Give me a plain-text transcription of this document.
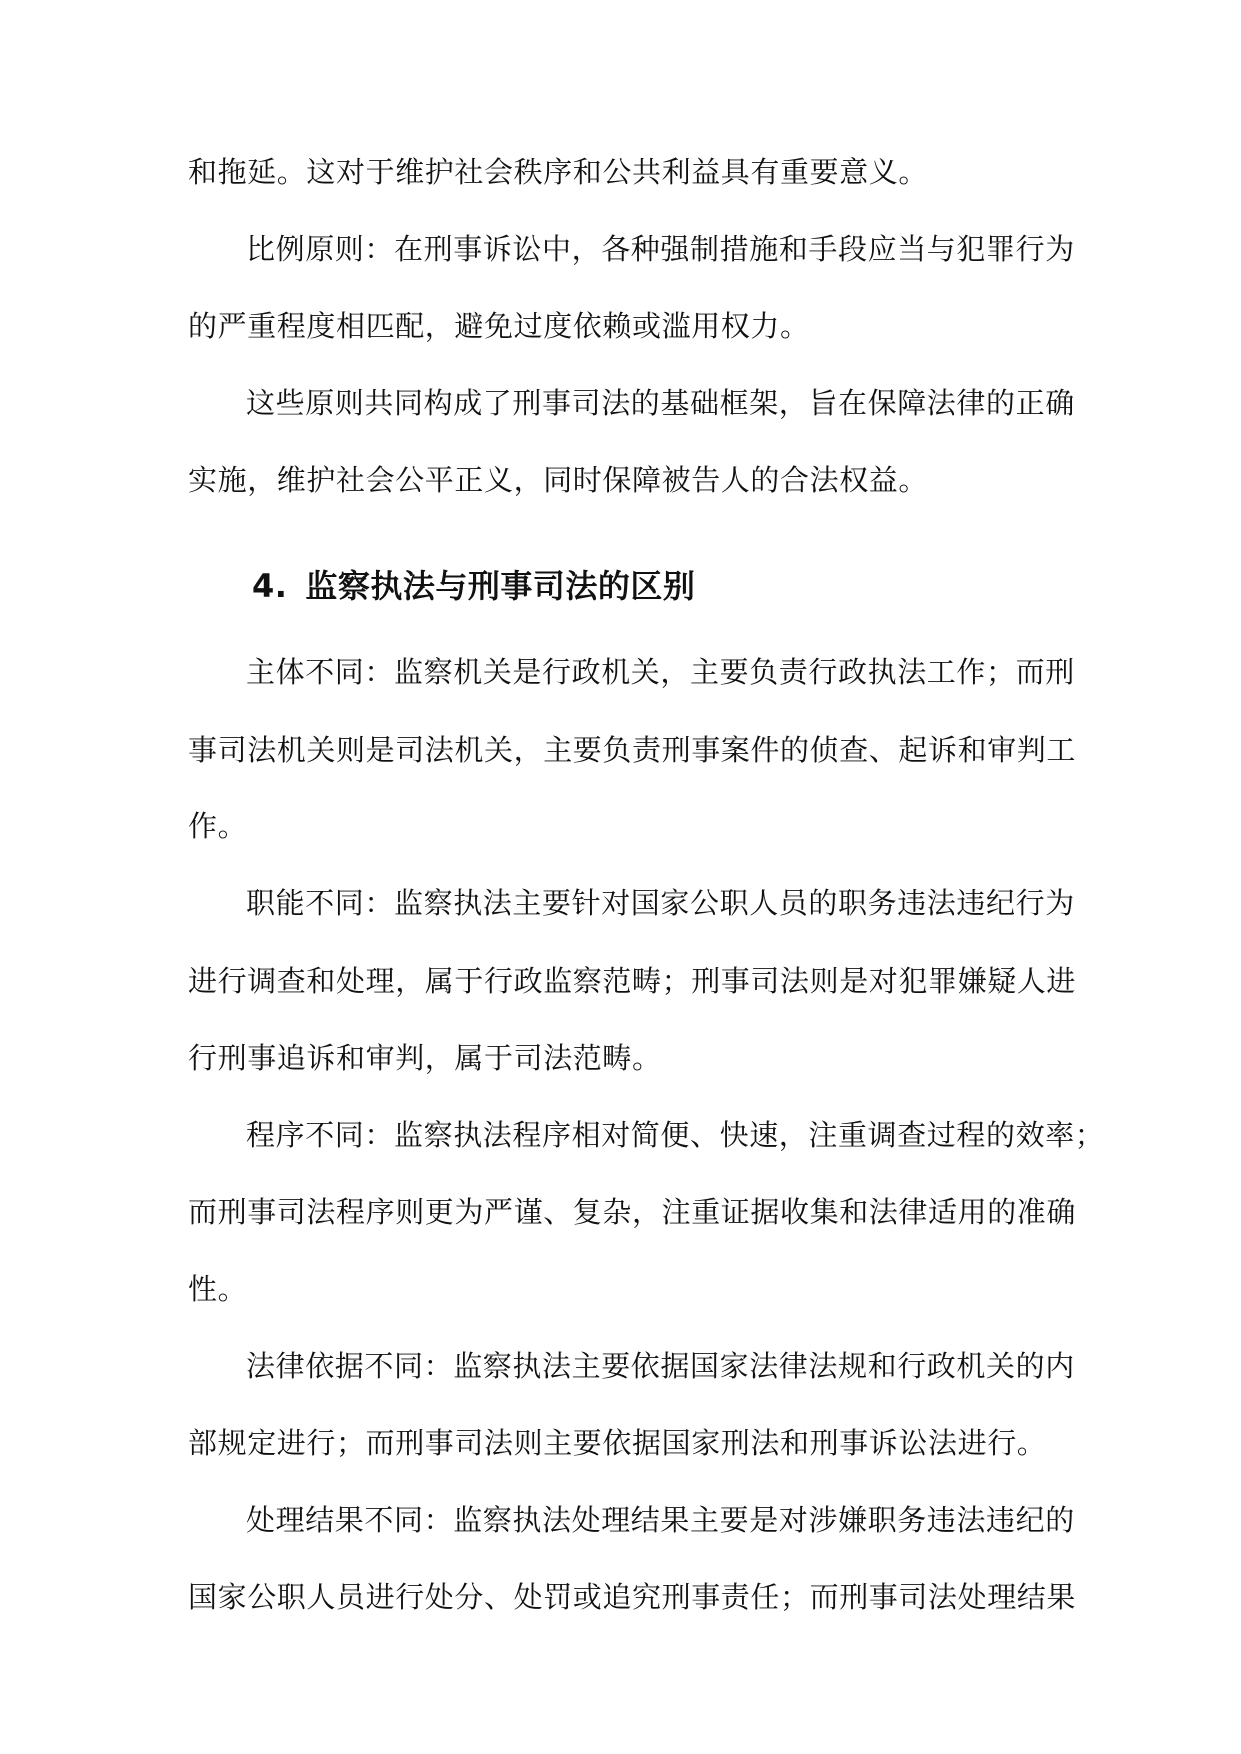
和拖延。这对于维护社会秩序和公共利益具有重要意义。
比例原则：在刑事诉讼中，各种强制措施和手段应当与犯罪行为
的严重程度相匹配，避免过度依赖或滥用权力。
这些原则共同构成了刑事司法的基础框架，旨在保障法律的正确
实施，维护社会公平正义，同时保障被告人的合法权益。
4. 监察执法与刑事司法的区别
主体不同：监察机关是行政机关，主要负责行政执法工作；而刑
事司法机关则是司法机关，主要负责刑事案件的侦查、起诉和审判工
作。
职能不同：监察执法主要针对国家公职人员的职务违法违纪行为
进行调查和处理，属于行政监察范畴；刑事司法则是对犯罪嫌疑人进
行刑事追诉和审判，属于司法范畴。
程序不同：监察执法程序相对简便、快速，注重调查过程的效率；
而刑事司法程序则更为严谨、复杂，注重证据收集和法律适用的准确
性。
法律依据不同：监察执法主要依据国家法律法规和行政机关的内
部规定进行；而刑事司法则主要依据国家刑法和刑事诉讼法进行。
处理结果不同：监察执法处理结果主要是对涉嫌职务违法违纪的
国家公职人员进行处分、处罚或追究刑事责任；而刑事司法处理结果
